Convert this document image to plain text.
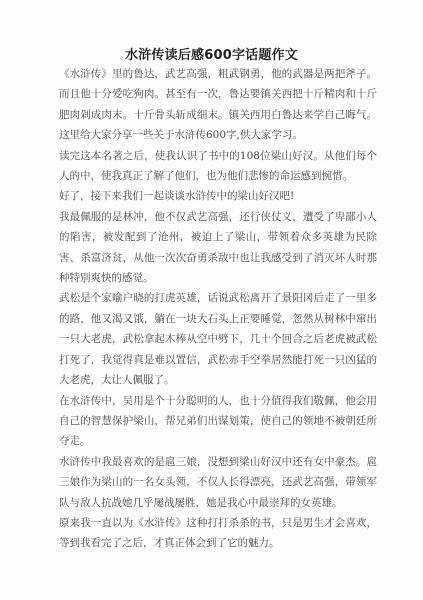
水浒传读后感600字话题作文

《水浒传》里的鲁达，武艺高强，粗武钢勇，他的武器是两把斧子。而且他十分爱吃狗肉。甚至有一次，鲁达要镇关西把十斤精肉和十斤肥肉剁成肉末。十斤骨头斩成细末。镇关西用白鲁达来学自己晦气。这里给大家分享一些关于水浒传600字,供大家学习。

读完这本名著之后，使我认识了书中的108位梁山好汉。从他们每个人的中，使我真正了解了他们，也为他们悲惨的命运感到惋惜。

好了，接下来我们一起谈谈水浒传中的梁山好汉吧!

我最佩服的是林冲，他不仅武艺高强，还行侠仗义，遭受了卑鄙小人的陷害，被发配到了沧州，被迫上了梁山，带领着众多英雄为民除害、杀富济贫，从他一次次奋勇杀敌中也让我感受到了消灭坏人时那种特别爽快的感觉。

武松是个家喻户晓的打虎英雄，话说武松离开了景阳冈后走了一里多的路，他又渴又饿，躺在一块大石头上正要睡觉，忽然从树林中窜出一只大老虎，武松拿起木棒从空中劈下，几十个回合之后老虎被武松打死了，我觉得真是难以置信，武松赤手空拳居然能打死一只凶猛的大老虎，太让人佩服了。

在水浒传中，吴用是个十分聪明的人，也十分值得我们敬佩，他会用自己的智慧保护梁山，帮兄弟们出谋划策，使自己的领地不被朝廷所夺走。

水浒传中我最喜欢的是扈三娘，没想到梁山好汉中还有女中豪杰。扈三娘作为梁山的一名女头领，不仅人长得漂亮，还武艺高强，带领军队与敌人抗战她几乎屡战屡胜，她是我心中最崇拜的女英雄。

原来我一直以为《水浒传》这种打打杀杀的书，只是男生才会喜欢，等到我看完了之后，才真正体会到了它的魅力。
